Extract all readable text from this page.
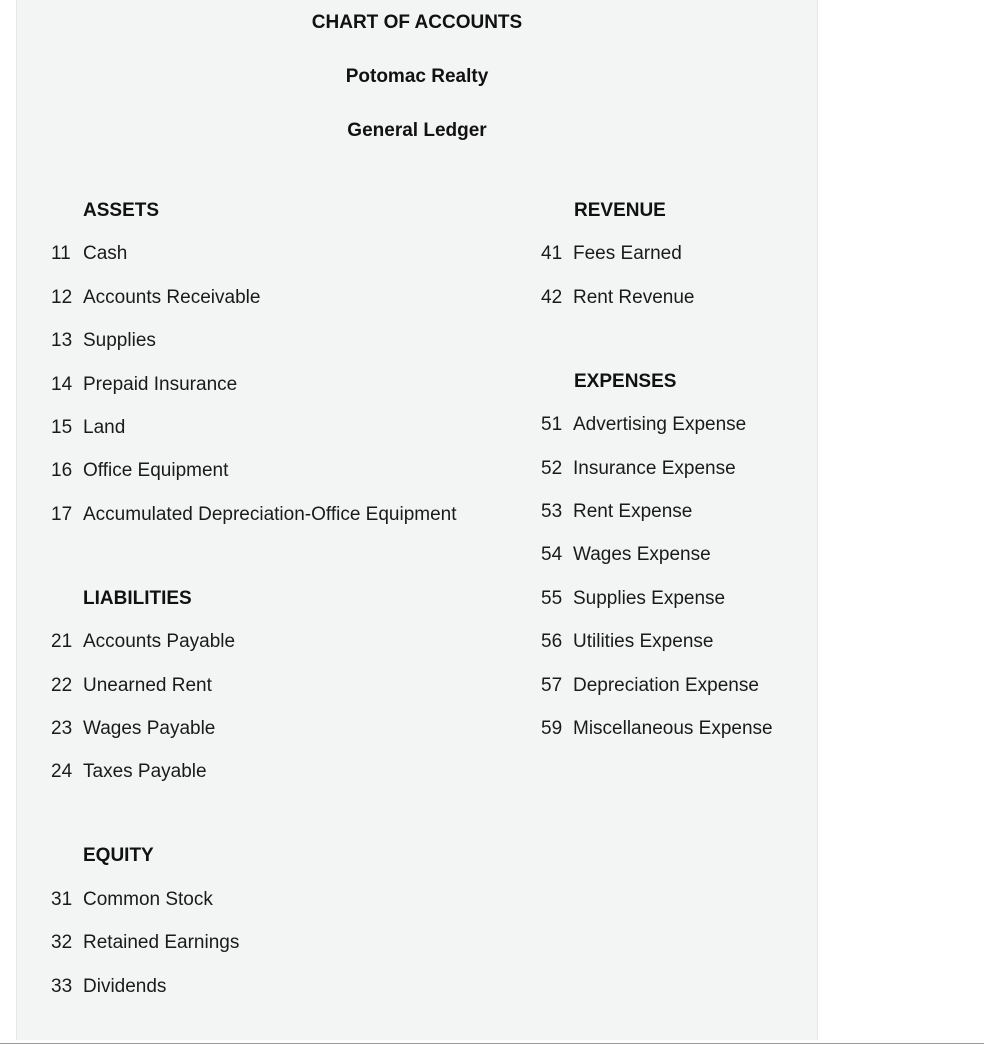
CHART OF ACCOUNTS
Potomac Realty
General Ledger
ASSETS
11 Cash
12 Accounts Receivable
13 Supplies
14 Prepaid Insurance
15 Land
16 Office Equipment
17 Accumulated Depreciation-Office Equipment
LIABILITIES
21 Accounts Payable
22 Unearned Rent
23 Wages Payable
24 Taxes Payable
EQUITY
31 Common Stock
32 Retained Earnings
33 Dividends
REVENUE
41 Fees Earned
42 Rent Revenue
EXPENSES
51 Advertising Expense
52 Insurance Expense
53 Rent Expense
54 Wages Expense
55 Supplies Expense
56 Utilities Expense
57 Depreciation Expense
59 Miscellaneous Expense
